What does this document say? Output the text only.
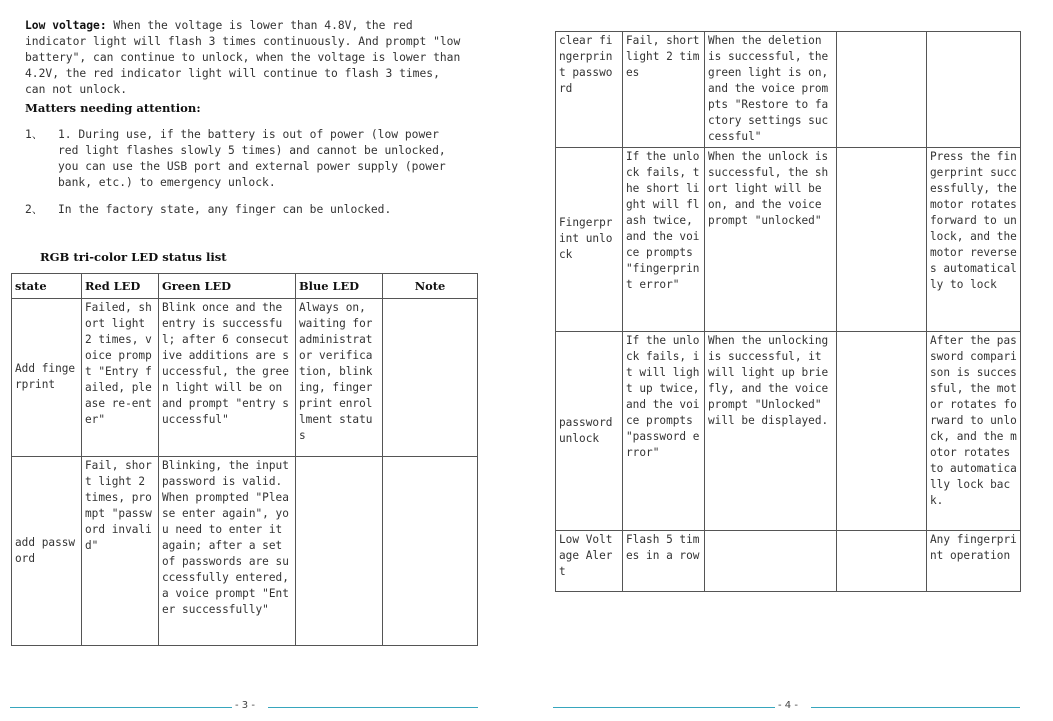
Low voltage: When the voltage is lower than 4.8V, the red indicator light will flash 3 times continuously. And prompt "low battery", can continue to unlock, when the voltage is lower than 4.2V, the red indicator light will continue to flash 3 times, can not unlock.
Matters needing attention:
1、 1. During use, if the battery is out of power (low power red light flashes slowly 5 times) and cannot be unlocked, you can use the USB port and external power supply (power bank, etc.) to emergency unlock.
2、 In the factory state, any finger can be unlocked.
RGB tri-color LED status list
state	Red LED	Green LED	Blue LED	Note
Add fingerprint	Failed, short light 2 times, voice prompt "Entry failed, please re-enter"	Blink once and the entry is successful; after 6 consecutive additions are successful, the green light will be on and prompt "entry successful"	Always on, waiting for administrator verification, blinking, fingerprint enrollment status	
add password	Fail, short light 2 times, prompt "password invalid"	Blinking, the input password is valid. When prompted "Please enter again", you need to enter it again; after a set of passwords are successfully entered, a voice prompt "Enter successfully"		
- 3 -
clear fingerprint password	Fail, short light 2 times	When the deletion is successful, the green light is on, and the voice prompts "Restore to factory settings successful"		
Fingerprint unlock	If the unlock fails, the short light will flash twice, and the voice prompts "fingerprint error"	When the unlock is successful, the short light will be on, and the voice prompt "unlocked"		Press the fingerprint successfully, the motor rotates forward to unlock, and the motor reverses automatically to lock
password unlock	If the unlock fails, it will light up twice, and the voice prompts "password error"	When the unlocking is successful, it will light up briefly, and the voice prompt "Unlocked" will be displayed.		After the password comparison is successful, the motor rotates forward to unlock, and the motor rotates to automatically lock back.
Low Voltage Alert	Flash 5 times in a row			Any fingerprint operation
- 4 -
